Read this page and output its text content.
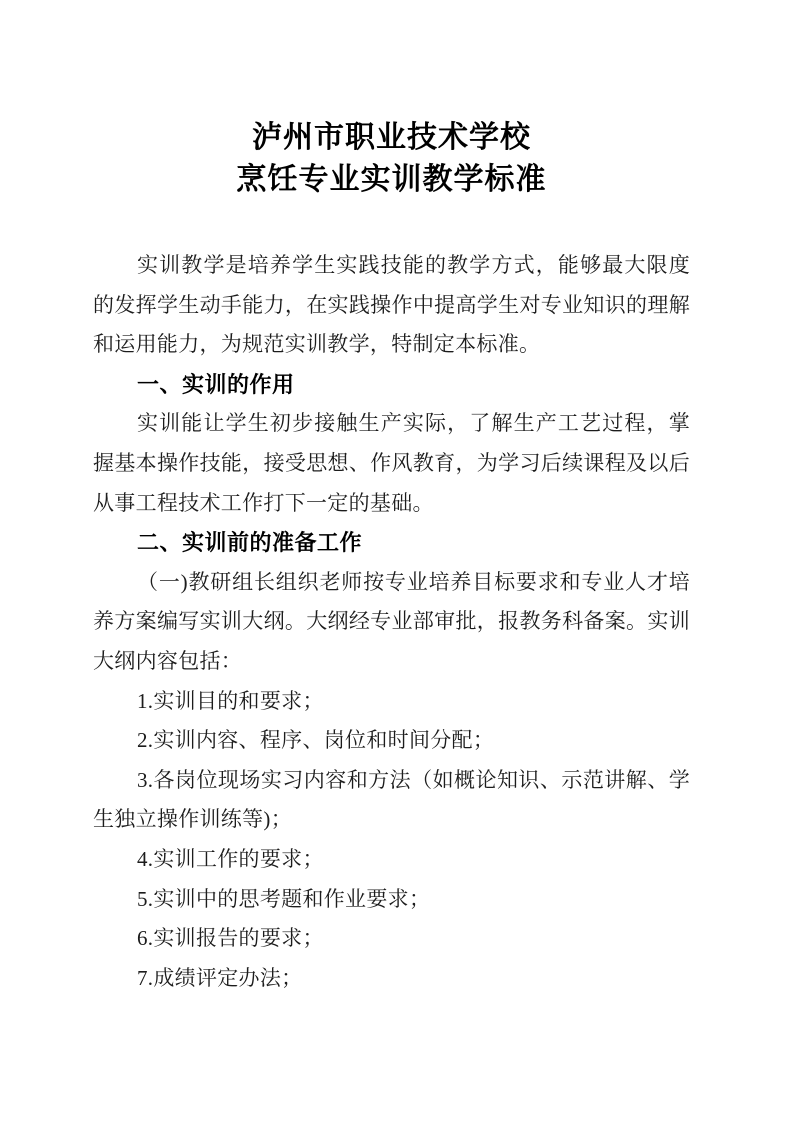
泸州市职业技术学校
烹饪专业实训教学标准

实训教学是培养学生实践技能的教学方式，能够最大限度的发挥学生动手能力，在实践操作中提高学生对专业知识的理解和运用能力，为规范实训教学，特制定本标准。

一、实训的作用

实训能让学生初步接触生产实际，了解生产工艺过程，掌握基本操作技能，接受思想、作风教育，为学习后续课程及以后从事工程技术工作打下一定的基础。

二、实训前的准备工作

（一)教研组长组织老师按专业培养目标要求和专业人才培养方案编写实训大纲。大纲经专业部审批，报教务科备案。实训大纲内容包括：

1.实训目的和要求；

2.实训内容、程序、岗位和时间分配；

3.各岗位现场实习内容和方法（如概论知识、示范讲解、学生独立操作训练等)；

4.实训工作的要求；

5.实训中的思考题和作业要求；

6.实训报告的要求；

7.成绩评定办法；
